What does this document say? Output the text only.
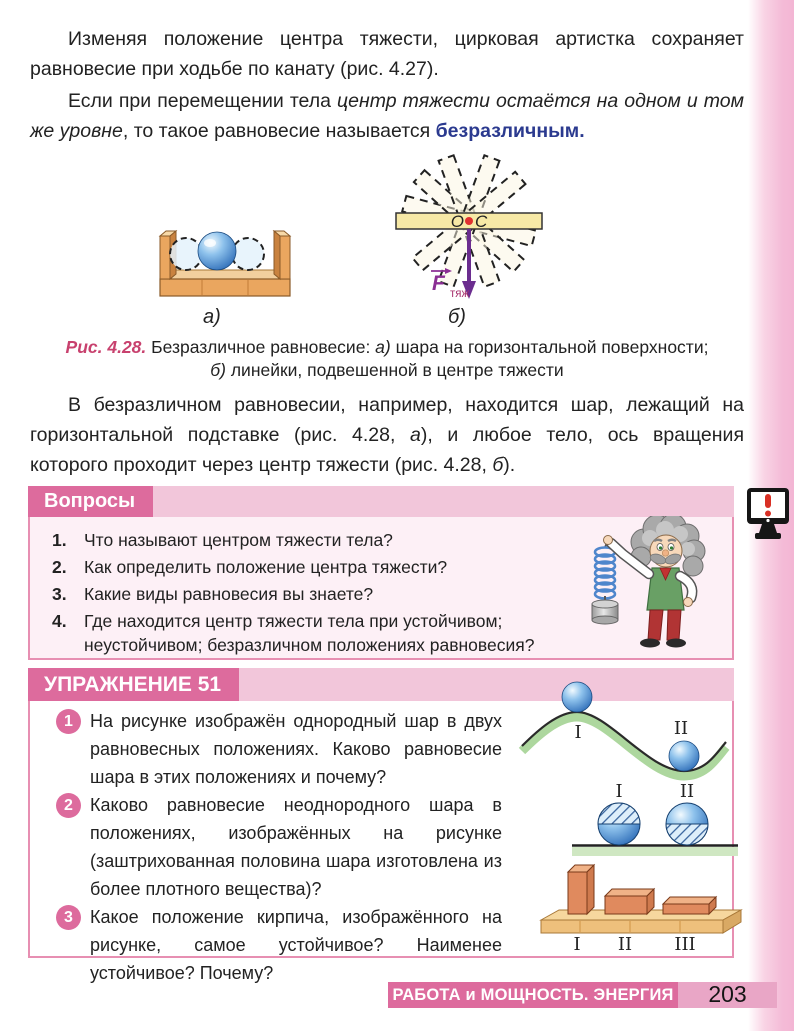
Изменяя положение центра тяжести, цирковая артистка сохраняет равновесие при ходьбе по канату (рис. 4.27).

Если при перемещении тела центр тяжести остаётся на одном и том же уровне, то такое равновесие называется безразличным.

O C
F тяж
а)	б)
Рис. 4.28. Безразличное равновесие: а) шара на горизонтальной поверхности;
б) линейки, подвешенной в центре тяжести

В безразличном равновесии, например, находится шар, лежащий на горизонтальной подставке (рис. 4.28, а), и любое тело, ось вращения которого проходит через центр тяжести (рис. 4.28, б).

Вопросы
1. Что называют центром тяжести тела?
2. Как определить положение центра тяжести?
3. Какие виды равновесия вы знаете?
4. Где находится центр тяжести тела при устойчивом; неустойчивом; безразличном положениях равновесия?
УПРАЖНЕНИЕ 51
1 На рисунке изображён однородный шар в двух равновесных положениях. Каково равновесие шара в этих положениях и почему?
2 Каково равновесие неоднородного шара в положениях, изображённых на рисунке (заштрихованная половина шара изготовлена из более плотного вещества)?
3 Какое положение кирпича, изображённого на рисунке, самое устойчивое? Наименее устойчивое? Почему?
I	II
I	II
I II III
203
РАБОТА и МОЩНОСТЬ. ЭНЕРГИЯ
